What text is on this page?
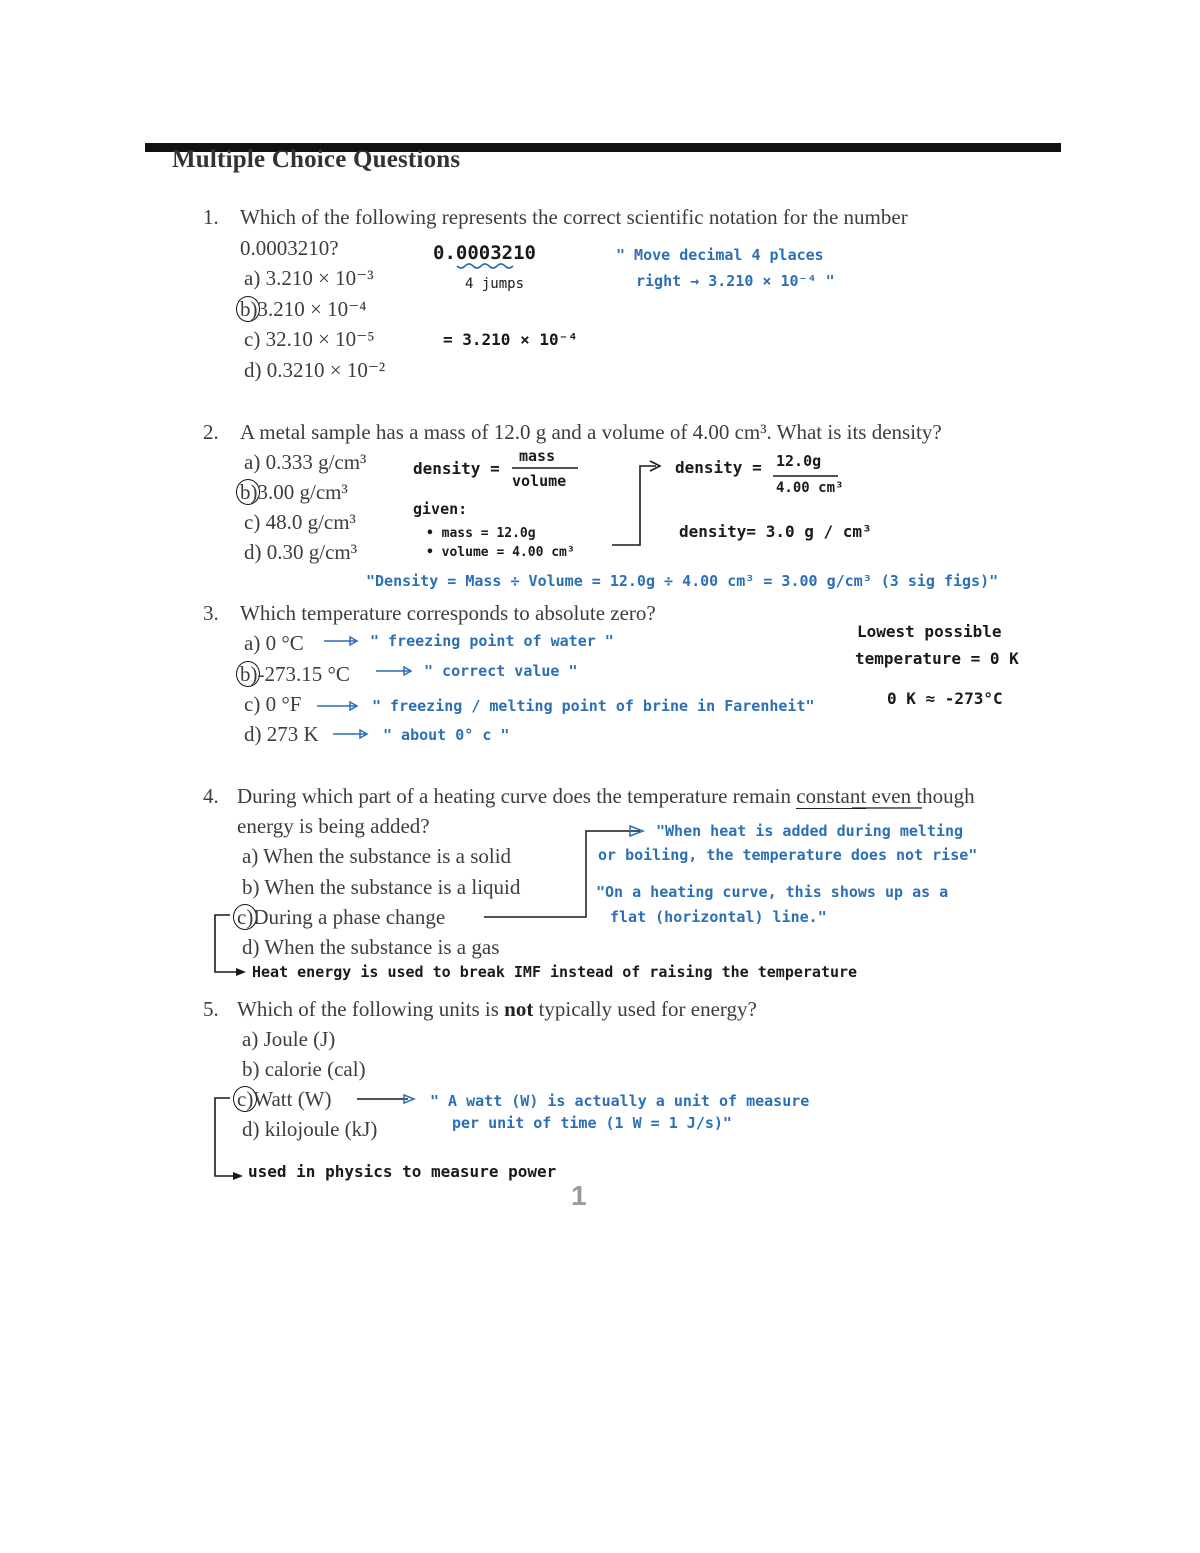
Multiple Choice Questions
1. Which of the following represents the correct scientific notation for the number
0.0003210?
a) 3.210 × 10⁻³
b)3.210 × 10⁻⁴
c) 32.10 × 10⁻⁵
d) 0.3210 × 10⁻²
0.0003210
4 jumps
= 3.210 × 10⁻⁴
" Move decimal 4 places
right → 3.210 × 10⁻⁴ "
2. A metal sample has a mass of 12.0 g and a volume of 4.00 cm³. What is its density?
a) 0.333 g/cm³
b)3.00 g/cm³
c) 48.0 g/cm³
d) 0.30 g/cm³
density =
mass
volume
given:
• mass = 12.0g
• volume = 4.00 cm³
density = 12.0g
4.00 cm³
density= 3.0 g / cm³
"Density = Mass ÷ Volume = 12.0g ÷ 4.00 cm³ = 3.00 g/cm³ (3 sig figs)"
3. Which temperature corresponds to absolute zero?
a) 0 °C
b)-273.15 °C
c) 0 °F
d) 273 K
" freezing point of water "
" correct value "
" freezing / melting point of brine in Farenheit"
" about 0° c "
Lowest possible
temperature = 0 K
0 K ≈ -273°C
4. During which part of a heating curve does the temperature remain constant even though
energy is being added?
a) When the substance is a solid
b) When the substance is a liquid
c)During a phase change
d) When the substance is a gas
"When heat is added during melting
or boiling, the temperature does not rise"
"On a heating curve, this shows up as a
flat (horizontal) line."
Heat energy is used to break IMF instead of raising the temperature
5. Which of the following units is not typically used for energy?
a) Joule (J)
b) calorie (cal)
c)Watt (W)
d) kilojoule (kJ)
" A watt (W) is actually a unit of measure
per unit of time (1 W = 1 J/s)"
used in physics to measure power
1
